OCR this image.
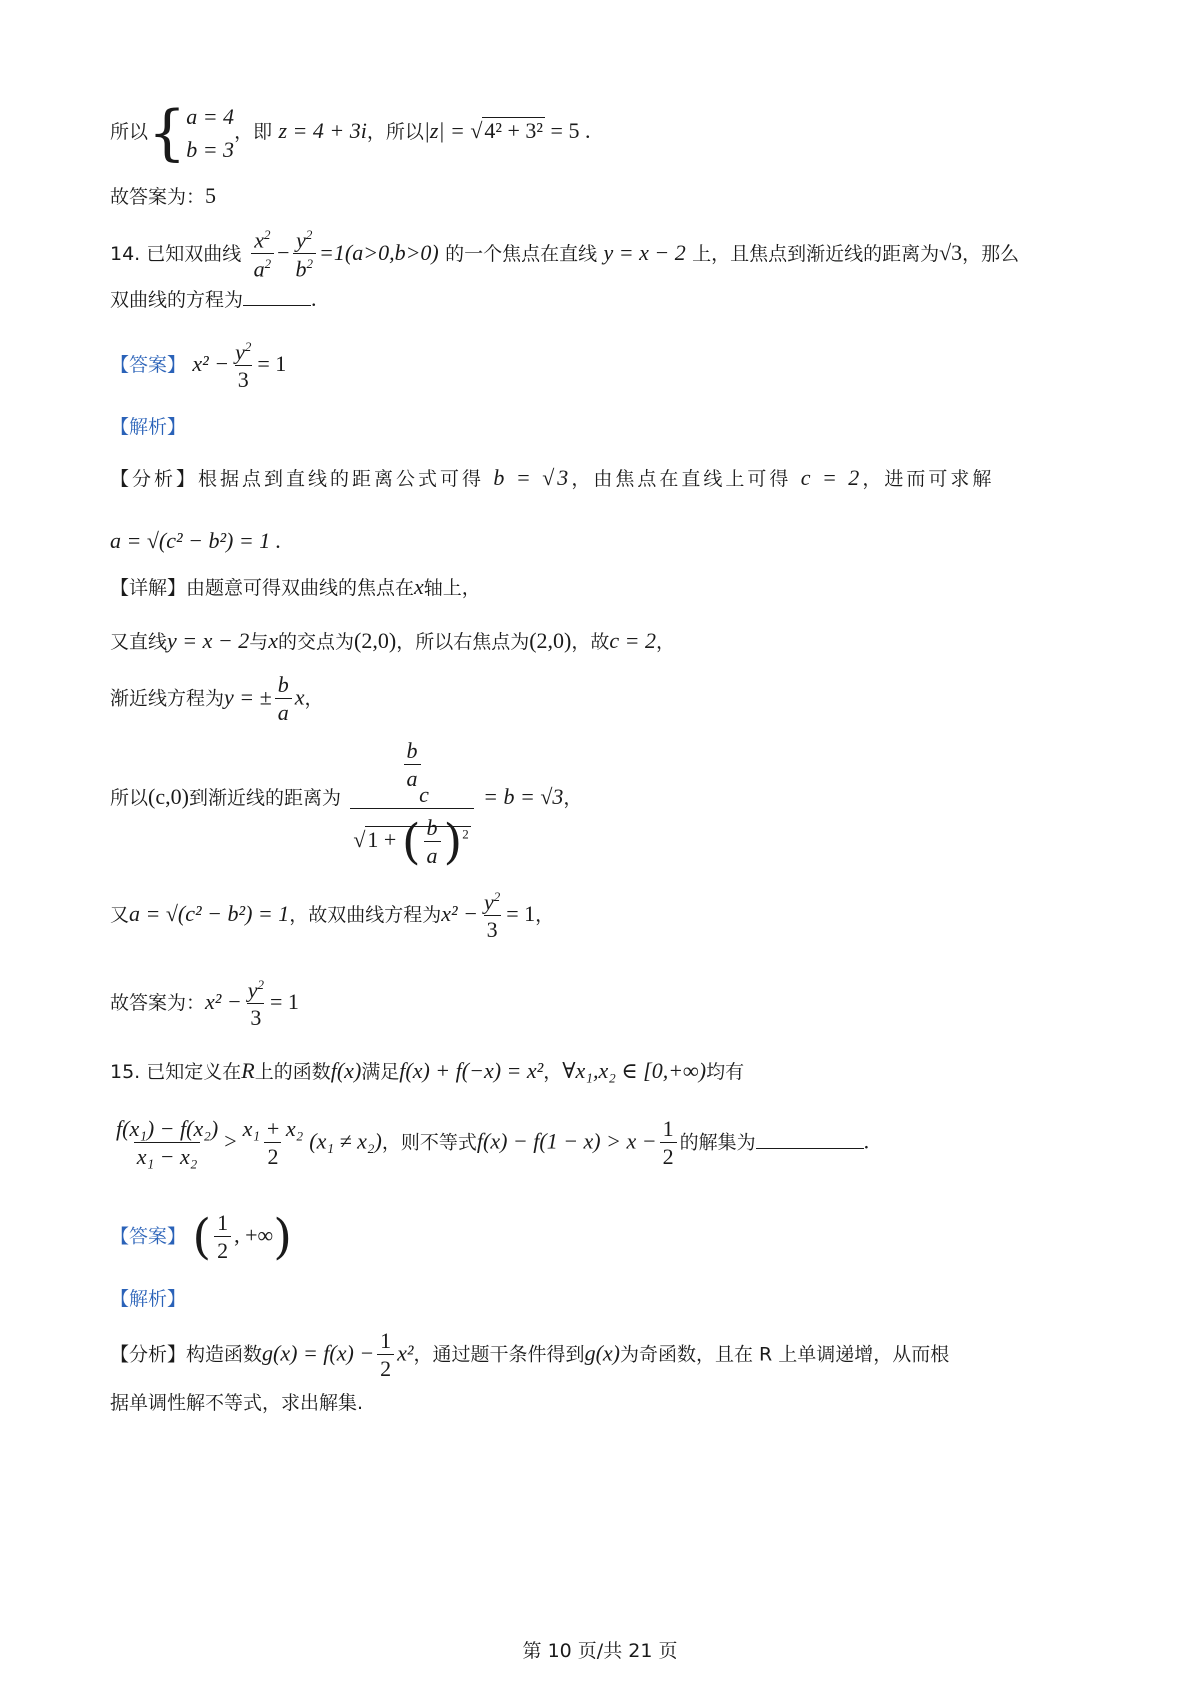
所以{ a = 4
b = 3
，即 z = 4 + 3i，所以|z| = √4² + 3² = 5 .
故答案为：5
14. 已知双曲线 $\frac{x^2}{a^2} - \frac{y^2}{b^2} =1(a>0,b>0)$ 的一个焦点在直线 y = x − 2 上，且焦点到渐近线的距离为√3，那么
双曲线的方程为	.
【答案】 $x^2 - \frac{y^2}{3} = 1$
【解析】
【分析】根据点到直线的距离公式可得 b = √3，由焦点在直线上可得 c = 2，进而可求解
a = √(c² − b²) = 1 .
【详解】由题意可得双曲线的焦点在x轴上，
又直线y = x − 2与x的交点为(2,0)，所以右焦点为(2,0)，故c = 2，
渐近线方程为y = ± $\frac{b}{a}$ x，
所以(c,0)到渐近线的距离为 $\frac{b}{a}$
c
√1 + ( $\frac{b}{a} )^2 = b = √3$，
又a = √(c² − b²) = 1，故双曲线方程为$x^2 - \frac{y^2}{3} = 1$，
故答案为：$x^2 - \frac{y^2}{3} = 1$
15. 已知定义在R上的函数f(x)满足f(x) + f(−x) = x²，∀x₁,x₂ ∈ [0,+∞)均有
$\frac{\text{f(x₁) − f(x₂)}}{\text{x₁ − x₂}} > \frac{\text{x₁ + x₂}}{2} (x_1 \ne x_2)$，则不等式$f(x) - f(1 - x) > x - \frac{1}{2}$ 的解集为	.
【答案】 ( $\frac{1}{2}$ , +∞)
【解析】
【分析】构造函数$g(x) = f(x) - \frac{1}{2} x^2$，通过题干条件得到g(x)为奇函数，且在 R 上单调递增，从而根
据单调性解不等式，求出解集.
第 10 页/共 21 页
